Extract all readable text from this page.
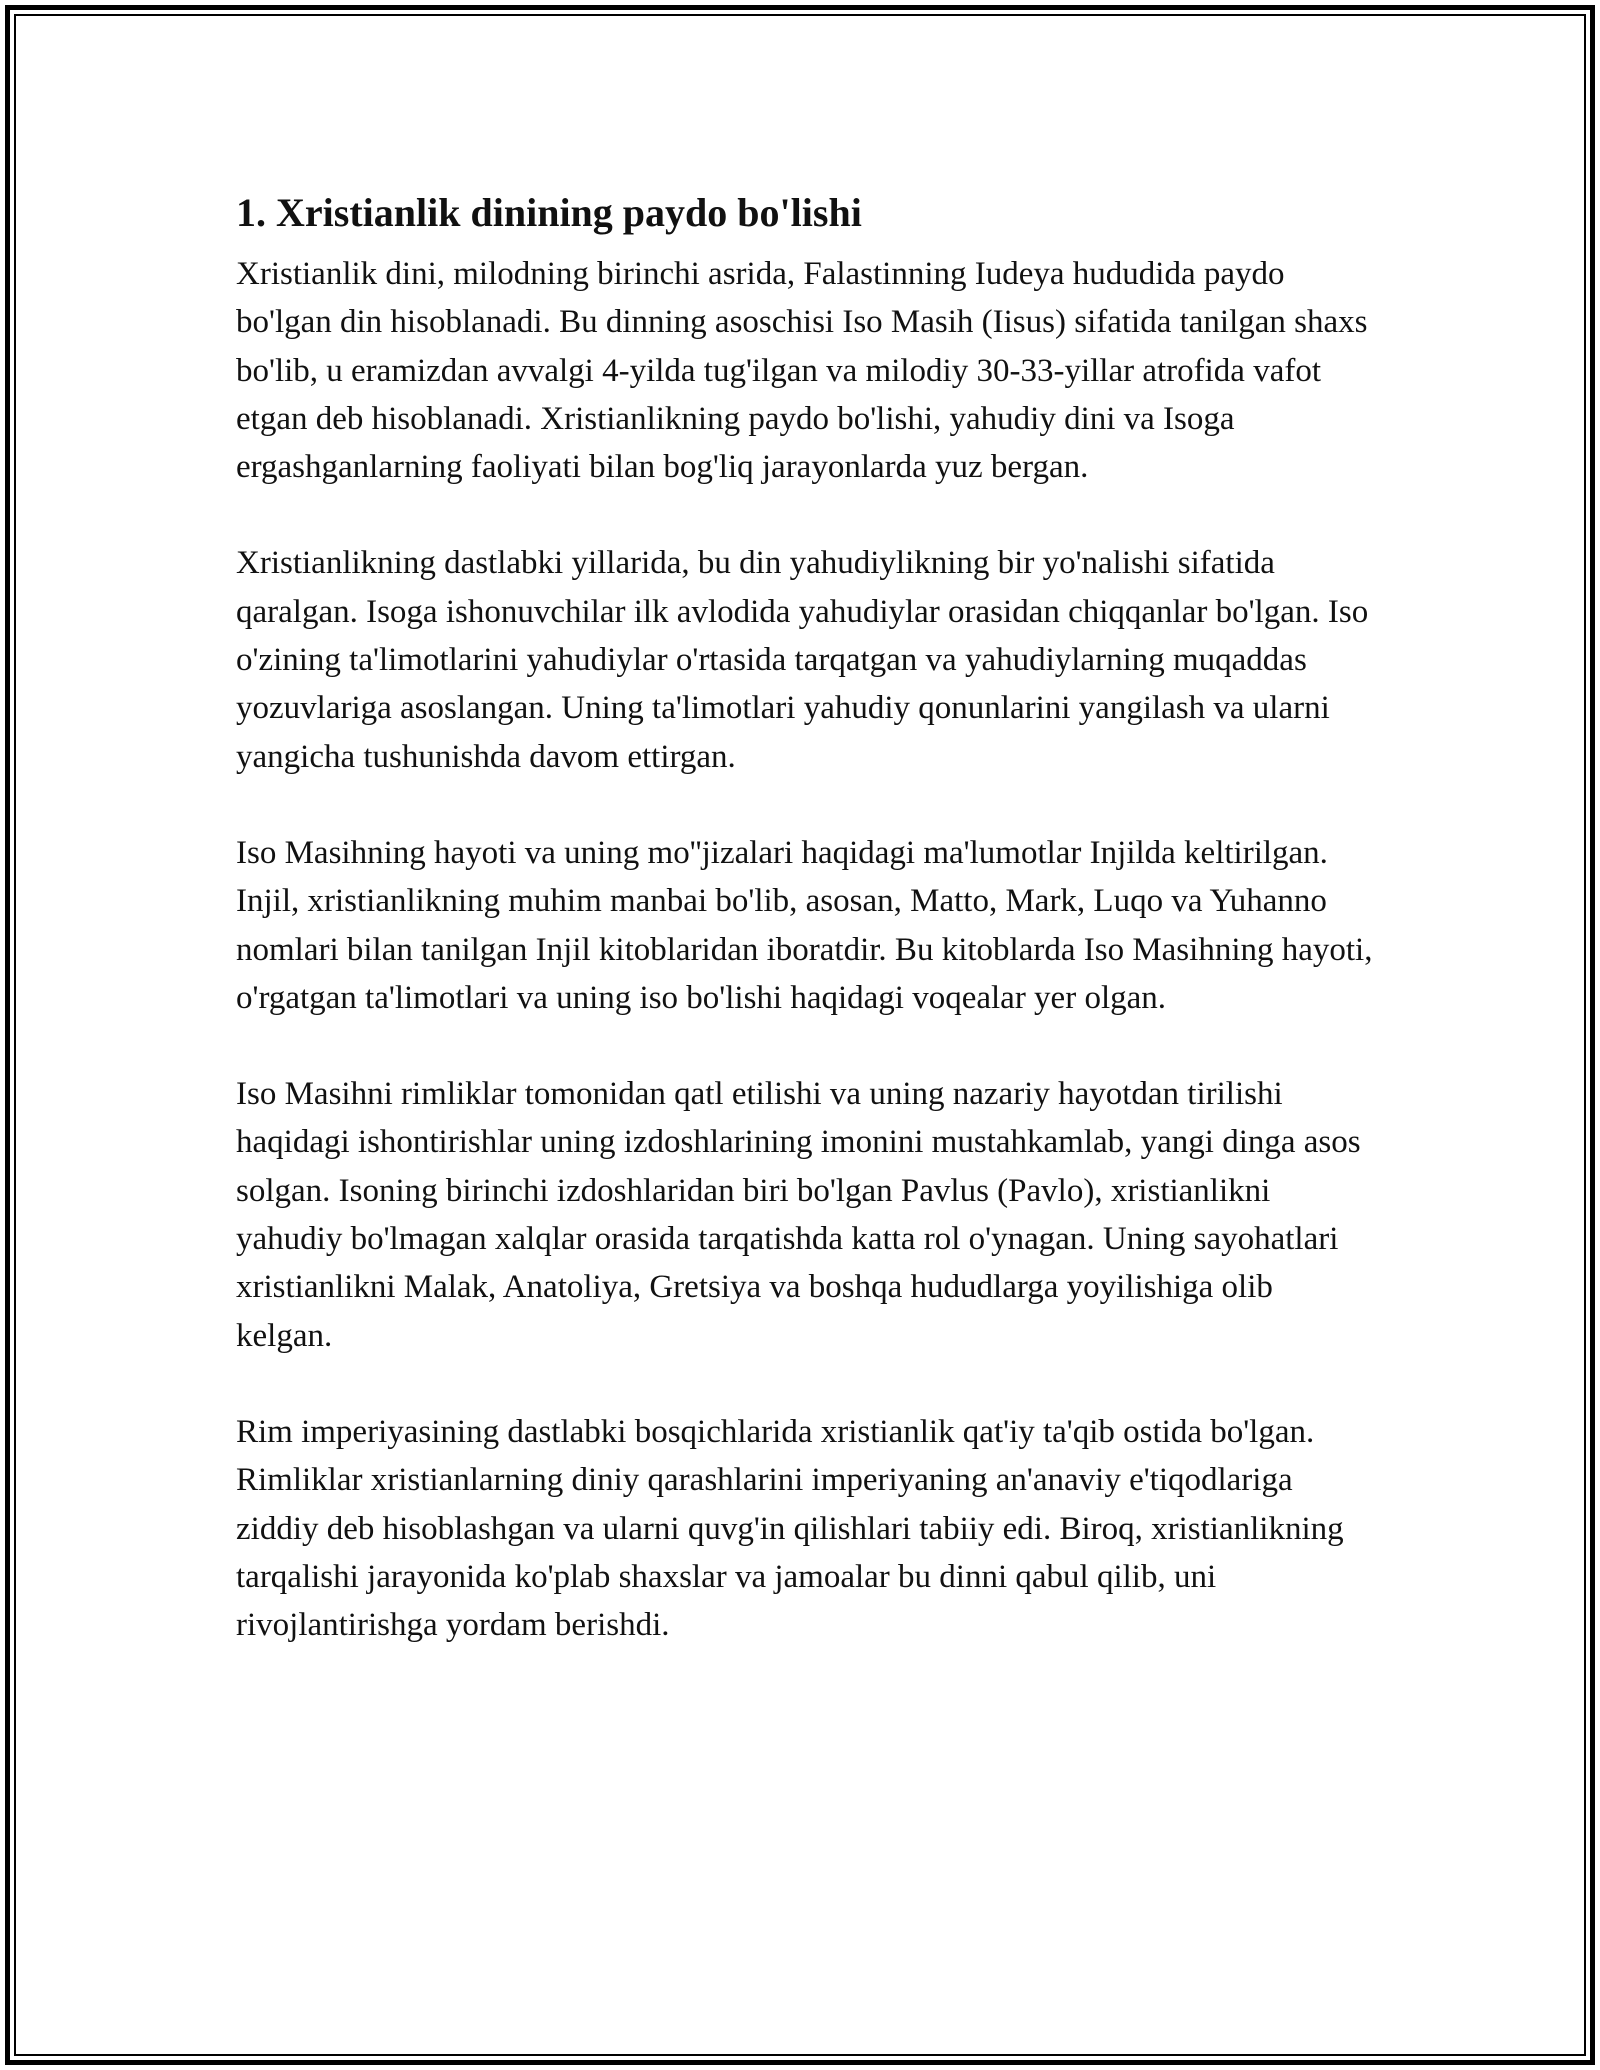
1. Xristianlik dinining paydo bo'lishi

Xristianlik dini, milodning birinchi asrida, Falastinning Iudeya hududida paydo bo'lgan din hisoblanadi. Bu dinning asoschisi Iso Masih (Iisus) sifatida tanilgan shaxs bo'lib, u eramizdan avvalgi 4-yilda tug'ilgan va milodiy 30-33-yillar atrofida vafot etgan deb hisoblanadi. Xristianlikning paydo bo'lishi, yahudiy dini va Isoga ergashganlarning faoliyati bilan bog'liq jarayonlarda yuz bergan.

Xristianlikning dastlabki yillarida, bu din yahudiylikning bir yo'nalishi sifatida qaralgan. Isoga ishonuvchilar ilk avlodida yahudiylar orasidan chiqqanlar bo'lgan. Iso o'zining ta'limotlarini yahudiylar o'rtasida tarqatgan va yahudiylarning muqaddas yozuvlariga asoslangan. Uning ta'limotlari yahudiy qonunlarini yangilash va ularni yangicha tushunishda davom ettirgan.

Iso Masihning hayoti va uning mo''jizalari haqidagi ma'lumotlar Injilda keltirilgan. Injil, xristianlikning muhim manbai bo'lib, asosan, Matto, Mark, Luqo va Yuhanno nomlari bilan tanilgan Injil kitoblaridan iboratdir. Bu kitoblarda Iso Masihning hayoti, o'rgatgan ta'limotlari va uning iso bo'lishi haqidagi voqealar yer olgan.

Iso Masihni rimliklar tomonidan qatl etilishi va uning nazariy hayotdan tirilishi haqidagi ishontirishlar uning izdoshlarining imonini mustahkamlab, yangi dinga asos solgan. Isoning birinchi izdoshlaridan biri bo'lgan Pavlus (Pavlo), xristianlikni yahudiy bo'lmagan xalqlar orasida tarqatishda katta rol o'ynagan. Uning sayohatlari xristianlikni Malak, Anatoliya, Gretsiya va boshqa hududlarga yoyilishiga olib kelgan.

Rim imperiyasining dastlabki bosqichlarida xristianlik qat'iy ta'qib ostida bo'lgan. Rimliklar xristianlarning diniy qarashlarini imperiyaning an'anaviy e'tiqodlariga ziddiy deb hisoblashgan va ularni quvg'in qilishlari tabiiy edi. Biroq, xristianlikning tarqalishi jarayonida ko'plab shaxslar va jamoalar bu dinni qabul qilib, uni rivojlantirishga yordam berishdi.
